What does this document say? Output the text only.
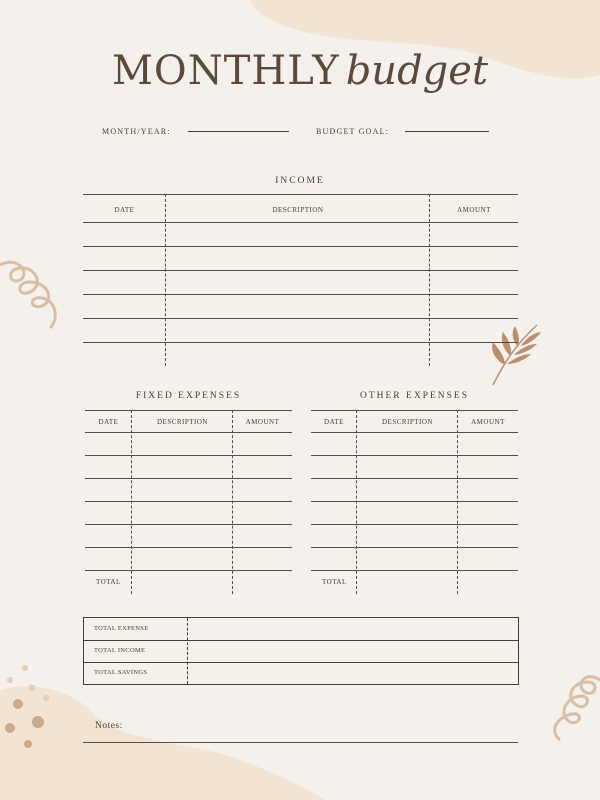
MONTHLY budget
MONTH/YEAR:	BUDGET GOAL:
INCOME
DATE	DESCRIPTION	AMOUNT
FIXED EXPENSES
DATE	DESCRIPTION	AMOUNT
TOTAL
OTHER EXPENSES
DATE	DESCRIPTION	AMOUNT
TOTAL
TOTAL EXPENSE
TOTAL INCOME
TOTAL SAVINGS
Notes:
